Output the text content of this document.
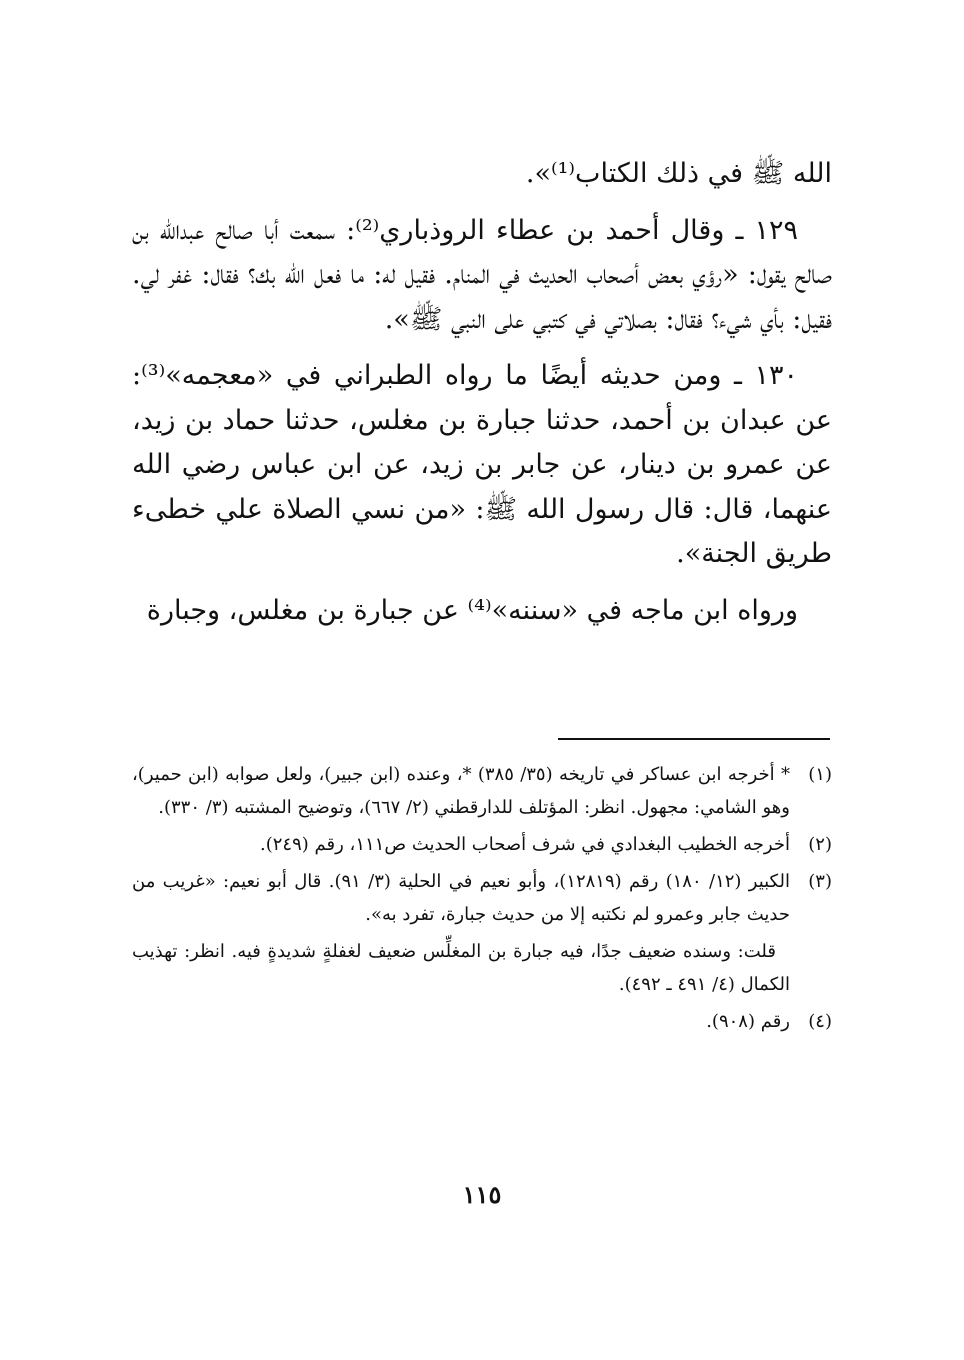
الله ﷺ في ذلك الكتاب⁽¹⁾».

١٢٩ ـ وقال أحمد بن عطاء الروذباري⁽²⁾: سمعت أبا صالح عبدالله بن صالح يقول: «رؤي بعض أصحاب الحديث في المنام. فقيل له: ما فعل الله بك؟ فقال: غفر لي. فقيل: بأي شيء؟ فقال: بصلاتي في كتبي على النبي ﷺ».

١٣٠ ـ ومن حديثه أيضًا ما رواه الطبراني في «معجمه»⁽³⁾: عن عبدان بن أحمد، حدثنا جبارة بن مغلس، حدثنا حماد بن زيد، عن عمرو بن دينار، عن جابر بن زيد، عن ابن عباس رضي الله عنهما، قال: قال رسول الله ﷺ: «من نسي الصلاة علي خطىء طريق الجنة».

ورواه ابن ماجه في «سننه»⁽⁴⁾ عن جبارة بن مغلس، وجبارة

(١)
* أخرجه ابن عساكر في تاريخه (٣٥/ ٣٨٥) *، وعنده (ابن جبير)، ولعل صوابه (ابن حمير)، وهو الشامي: مجهول. انظر: المؤتلف للدارقطني (٢/ ٦٦٧)، وتوضيح المشتبه (٣/ ٣٣٠).
(٢)
أخرجه الخطيب البغدادي في شرف أصحاب الحديث ص١١١، رقم (٢٤٩).
(٣)
الكبير (١٢/ ١٨٠) رقم (١٢٨١٩)، وأبو نعيم في الحلية (٣/ ٩١). قال أبو نعيم: «غريب من حديث جابر وعمرو لم نكتبه إلا من حديث جبارة، تفرد به».
قلت: وسنده ضعيف جدًا، فيه جبارة بن المغلِّس ضعيف لغفلةٍ شديدةٍ فيه. انظر: تهذيب الكمال (٤/ ٤٩١ ـ ٤٩٢).
(٤)
رقم (٩٠٨).
١١٥
